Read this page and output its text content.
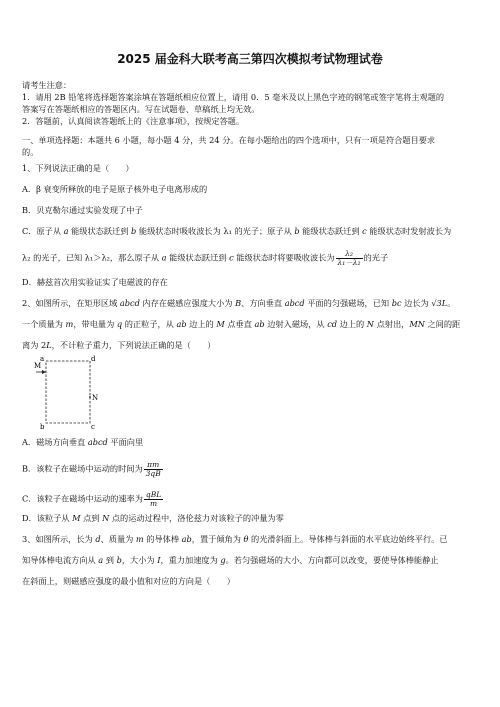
2025 届金科大联考高三第四次模拟考试物理试卷

请考生注意：

1．请用 2B 铅笔将选择题答案涂填在答题纸相应位置上，请用 0．5 毫米及以上黑色字迹的钢笔或签字笔将主观题的

答案写在答题纸相应的答题区内。写在试题卷、草稿纸上均无效。

2．答题前，认真阅读答题纸上的《注意事项》，按规定答题。

一、单项选择题：本题共 6 小题，每小题 4 分，共 24 分。在每小题给出的四个选项中，只有一项是符合题目要求

的。

1、下列说法正确的是（　　）

A．β 衰变所释放的电子是原子核外电子电离形成的

B．贝克勒尔通过实验发现了中子

C．原子从 a 能级状态跃迁到 b 能级状态时吸收波长为 λ₁ 的光子；原子从 b 能级状态跃迁到 c 能级状态时发射波长为

λ₂ 的光子，已知 λ₁＞λ₂，那么原子从 a 能级状态跃迁到 c 能级状态时将要吸收波长为 $\frac{\text{λ₂}}{\text{λ₁－λ₂}}$ 的光子

D．赫兹首次用实验证实了电磁波的存在

2、如图所示，在矩形区域 abcd 内存在磁感应强度大小为 B、方向垂直 abcd 平面的匀强磁场，已知 bc 边长为 √3L。

一个质量为 m，带电量为 q 的正粒子，从 ab 边上的 M 点垂直 ab 边射入磁场，从 cd 边上的 N 点射出，MN 之间的距

离为 2L，不计粒子重力，下列说法正确的是（　　）

a	d
M
N
b	c

A．磁场方向垂直 abcd 平面向里

B．该粒子在磁场中运动的时间为 $\frac{\pi m}{3qB}$

C．该粒子在磁场中运动的速率为 $\frac{\text{qBL}}{m}$

D．该粒子从 M 点到 N 点的运动过程中，洛伦兹力对该粒子的冲量为零

3、如图所示，长为 d、质量为 m 的导体棒 ab，置于倾角为 θ 的光滑斜面上。导体棒与斜面的水平底边始终平行。已

知导体棒电流方向从 a 到 b，大小为 I，重力加速度为 g。若匀强磁场的大小、方向都可以改变，要使导体棒能静止

在斜面上，则磁感应强度的最小值和对应的方向是（　　）
